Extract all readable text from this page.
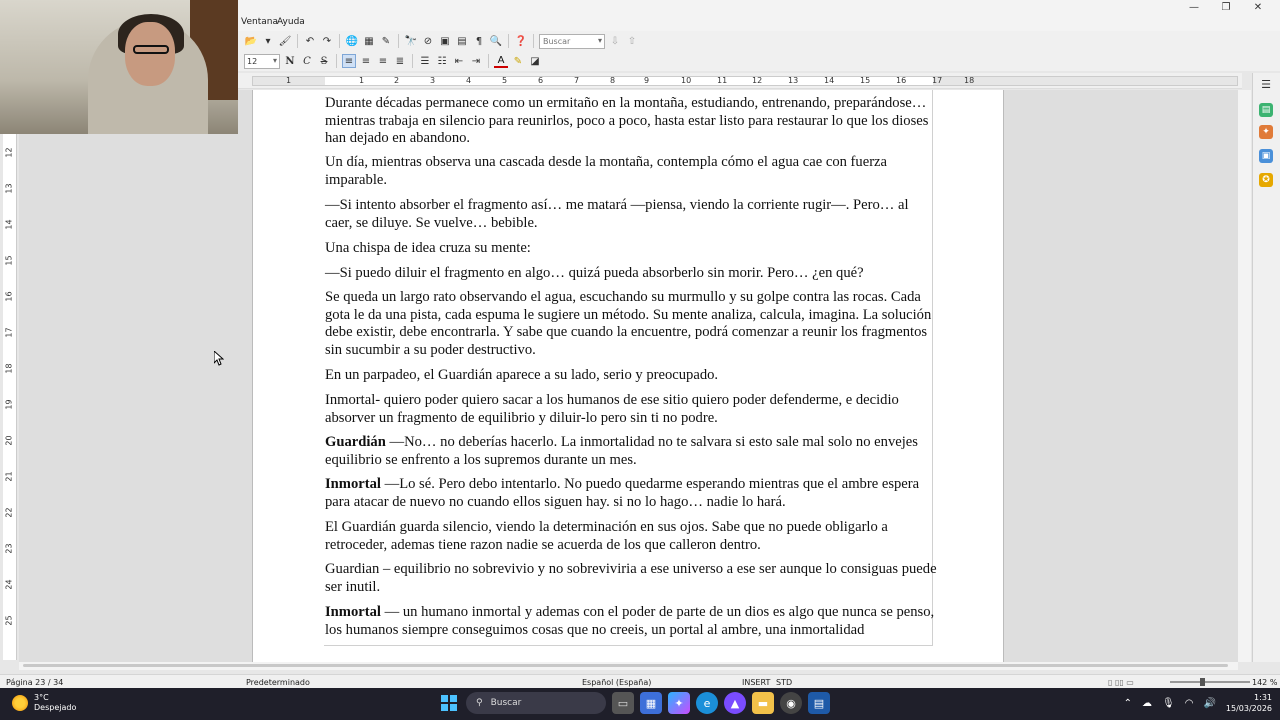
—	❐	✕
Ventana Ayuda
📂 ▾ 🖌 ↶ ↷ 🌐 ▦ ✎ 🔭 ⊘ ▣ ▤ ¶ 🔍 ❓	Buscar ▾	⇩ ⇧
12 ▾	N C S	≡ ≡ ≡ ≣ ☰ ☷ ⇤ ⇥	A ✎ ◪
1	1	2	3	4	5	6	7	8	9	10	11	12	13	14	15	16	17	18
12
13
14
15
16
17
18
19
20
21
22
23
24
25

Durante décadas permanece como un ermitaño en la montaña, estudiando, entrenando, preparándose… mientras trabaja en silencio para reunirlos, poco a poco, hasta estar listo para restaurar lo que los dioses han dejado en abandono.

Un día, mientras observa una cascada desde la montaña, contempla cómo el agua cae con fuerza imparable.

—Si intento absorber el fragmento así… me matará —piensa, viendo la corriente rugir—. Pero… al caer, se diluye. Se vuelve… bebible.

Una chispa de idea cruza su mente:

—Si puedo diluir el fragmento en algo… quizá pueda absorberlo sin morir. Pero… ¿en qué?

Se queda un largo rato observando el agua, escuchando su murmullo y su golpe contra las rocas. Cada gota le da una pista, cada espuma le sugiere un método. Su mente analiza, calcula, imagina. La solución debe existir, debe encontrarla. Y sabe que cuando la encuentre, podrá comenzar a reunir los fragmentos sin sucumbir a su poder destructivo.

En un parpadeo, el Guardián aparece a su lado, serio y preocupado.

Inmortal- quiero poder quiero sacar a los humanos de ese sitio quiero poder defenderme, e decidio absorver un fragmento de equilibrio y diluir-lo pero sin ti no podre.

Guardián —No… no deberías hacerlo. La inmortalidad no te salvara si esto sale mal solo no envejes equilibrio se enfrento a los supremos durante un mes.

Inmortal —Lo sé. Pero debo intentarlo. No puedo quedarme esperando mientras que el ambre espera para atacar de nuevo no cuando ellos siguen hay. si no lo hago… nadie lo hará.

El Guardián guarda silencio, viendo la determinación en sus ojos. Sabe que no puede obligarlo a retroceder, ademas tiene razon nadie se acuerda de los que calleron dentro.

Guardian – equilibrio no sobrevivio y no sobreviviria a ese universo a ese ser aunque lo consiguas puede ser inutil.

Inmortal — un humano inmortal y ademas con el poder de parte de un dios es algo que nunca se penso, los humanos siempre conseguimos cosas que no creeis, un portal al ambre, una inmortalidad

☰
▤
✦
▣
✪
Página 23 / 34	Predeterminado	Español (España)	INSERT STD	▯ ▯▯ ▭	142 %
3°C
Despejado	⚲ Buscar	▭	▦	✦	e	▲	▬	◉	▤	⌃ ☁ 🎙 ◠ 🔊	1:31
15/03/2026
